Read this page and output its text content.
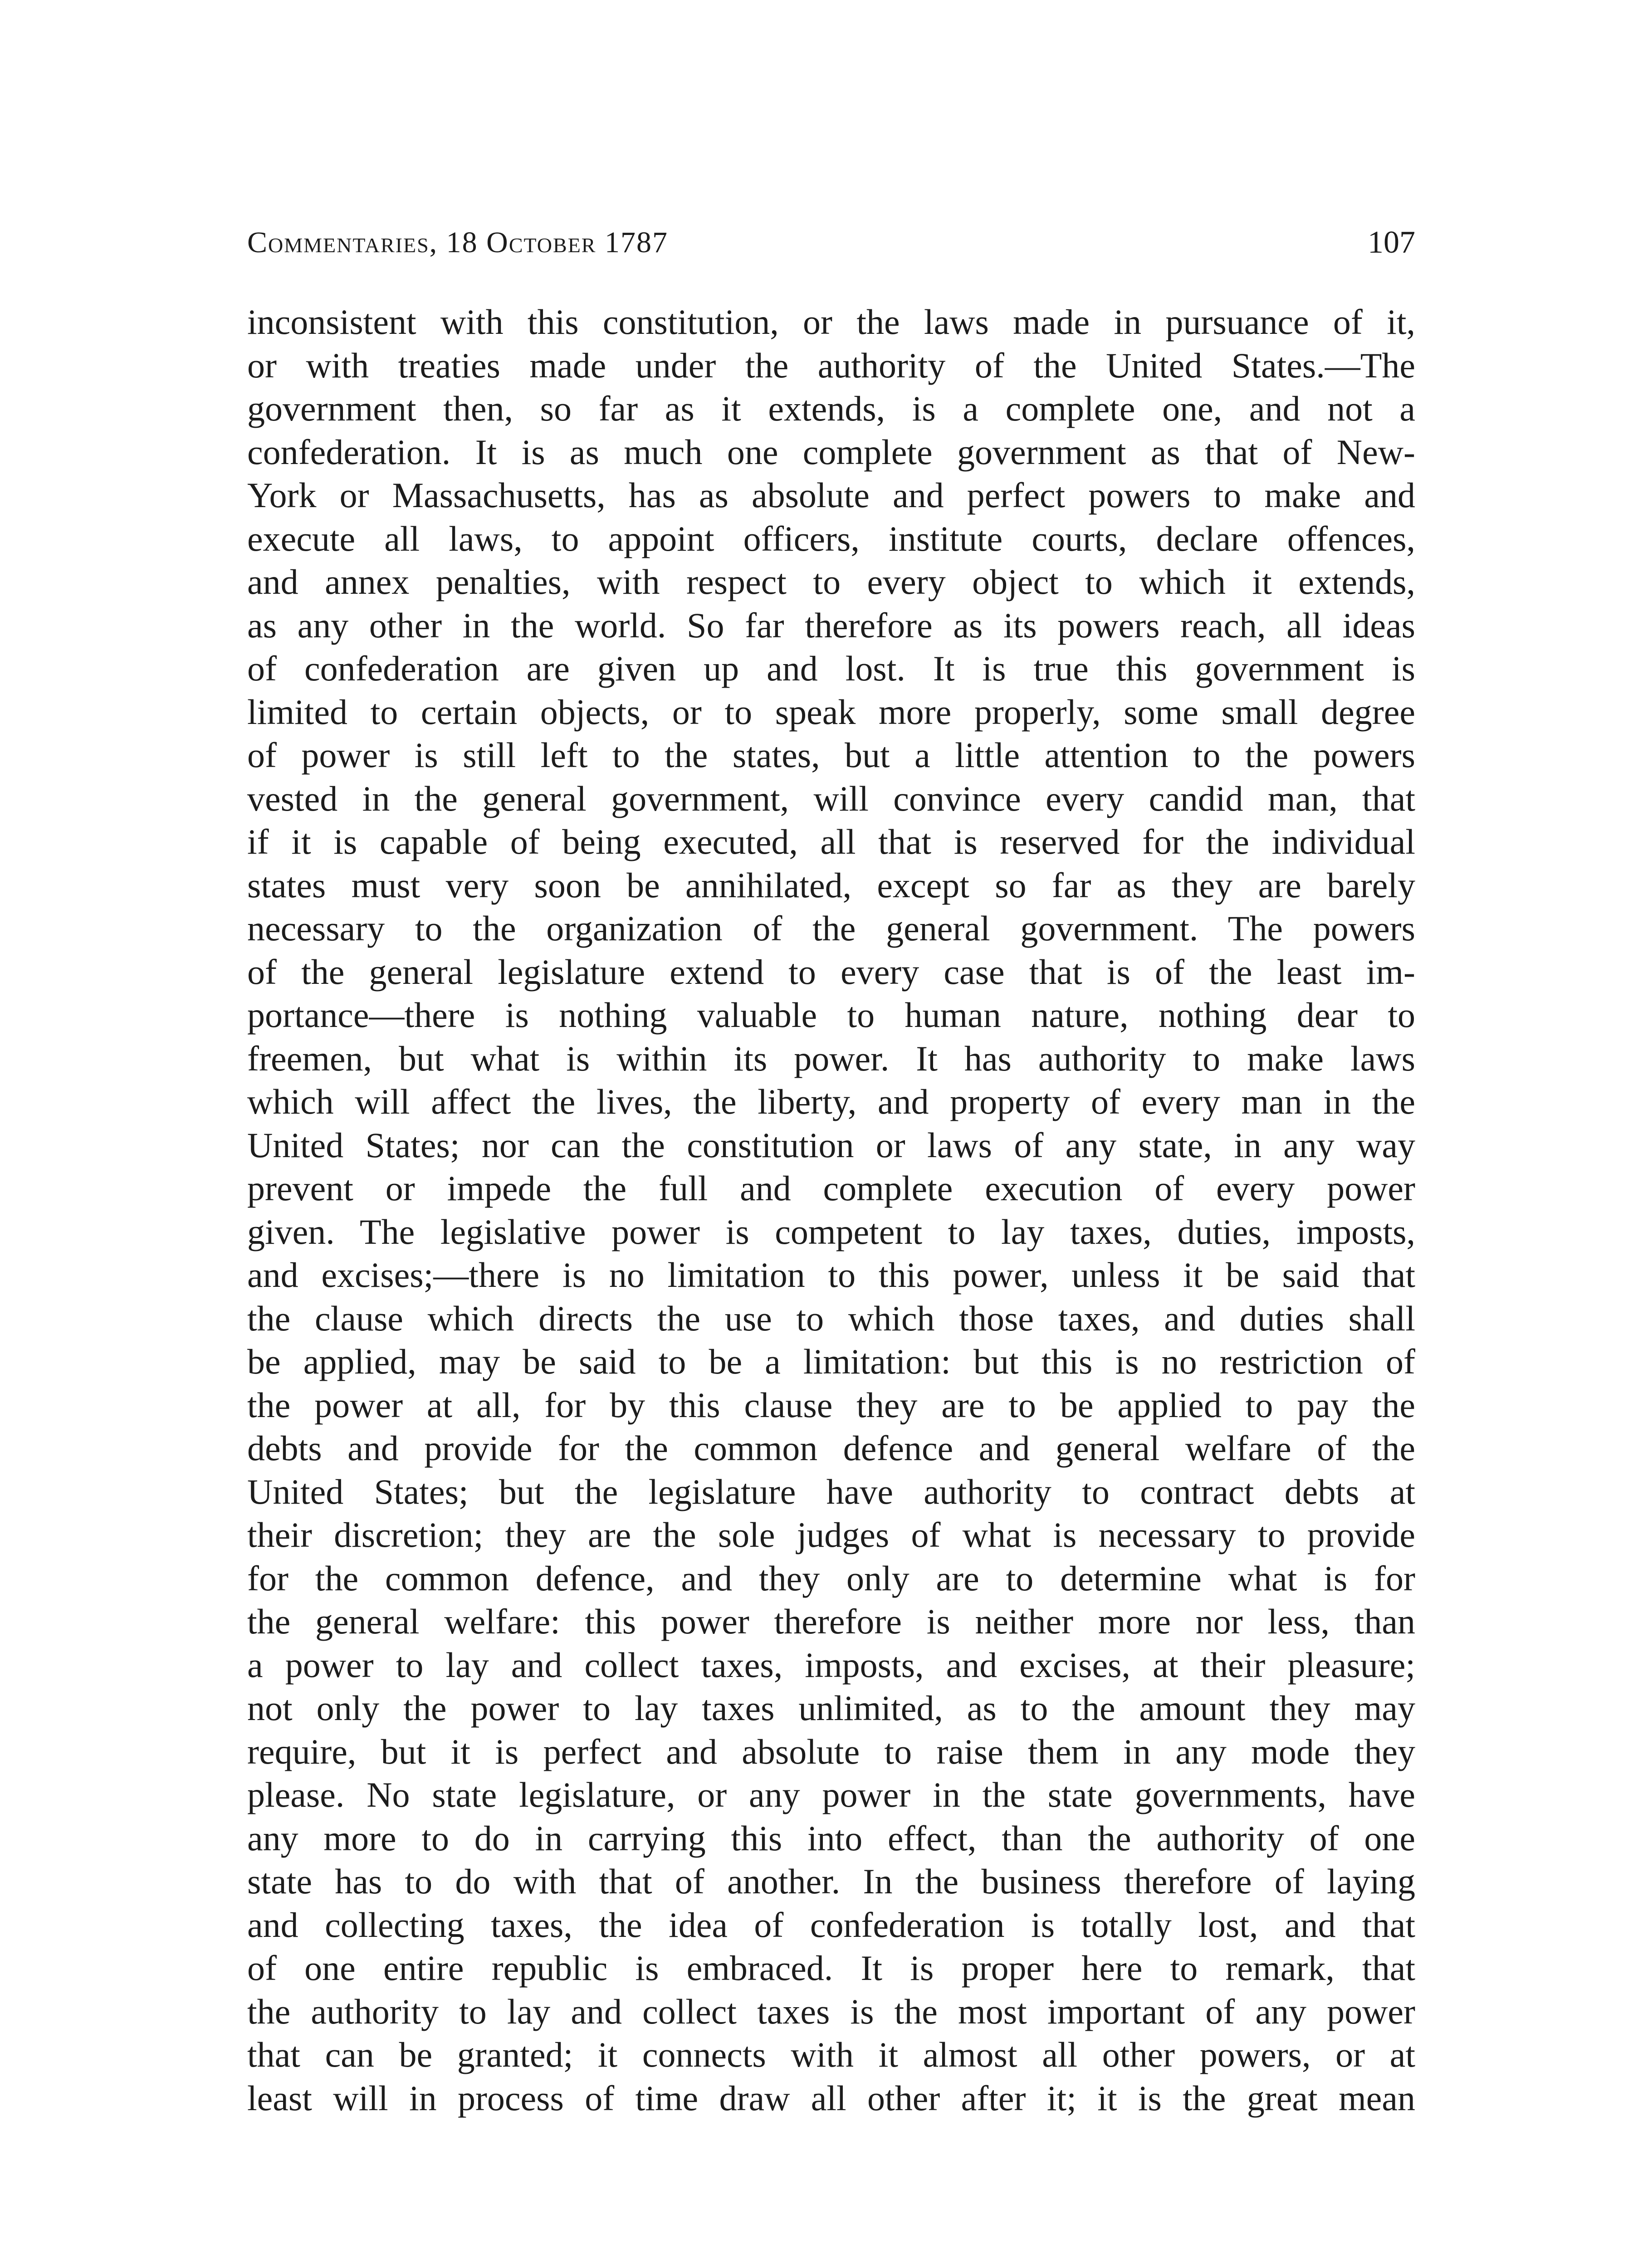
Commentaries, 18 October 1787	107
inconsistent with this constitution, or the laws made in pursuance of it,
or with treaties made under the authority of the United States.—The
government then, so far as it extends, is a complete one, and not a
confederation. It is as much one complete government as that of New-
York or Massachusetts, has as absolute and perfect powers to make and
execute all laws, to appoint officers, institute courts, declare offences,
and annex penalties, with respect to every object to which it extends,
as any other in the world. So far therefore as its powers reach, all ideas
of confederation are given up and lost. It is true this government is
limited to certain objects, or to speak more properly, some small degree
of power is still left to the states, but a little attention to the powers
vested in the general government, will convince every candid man, that
if it is capable of being executed, all that is reserved for the individual
states must very soon be annihilated, except so far as they are barely
necessary to the organization of the general government. The powers
of the general legislature extend to every case that is of the least im-
portance—there is nothing valuable to human nature, nothing dear to
freemen, but what is within its power. It has authority to make laws
which will affect the lives, the liberty, and property of every man in the
United States; nor can the constitution or laws of any state, in any way
prevent or impede the full and complete execution of every power
given. The legislative power is competent to lay taxes, duties, imposts,
and excises;—there is no limitation to this power, unless it be said that
the clause which directs the use to which those taxes, and duties shall
be applied, may be said to be a limitation: but this is no restriction of
the power at all, for by this clause they are to be applied to pay the
debts and provide for the common defence and general welfare of the
United States; but the legislature have authority to contract debts at
their discretion; they are the sole judges of what is necessary to provide
for the common defence, and they only are to determine what is for
the general welfare: this power therefore is neither more nor less, than
a power to lay and collect taxes, imposts, and excises, at their pleasure;
not only the power to lay taxes unlimited, as to the amount they may
require, but it is perfect and absolute to raise them in any mode they
please. No state legislature, or any power in the state governments, have
any more to do in carrying this into effect, than the authority of one
state has to do with that of another. In the business therefore of laying
and collecting taxes, the idea of confederation is totally lost, and that
of one entire republic is embraced. It is proper here to remark, that
the authority to lay and collect taxes is the most important of any power
that can be granted; it connects with it almost all other powers, or at
least will in process of time draw all other after it; it is the great mean
